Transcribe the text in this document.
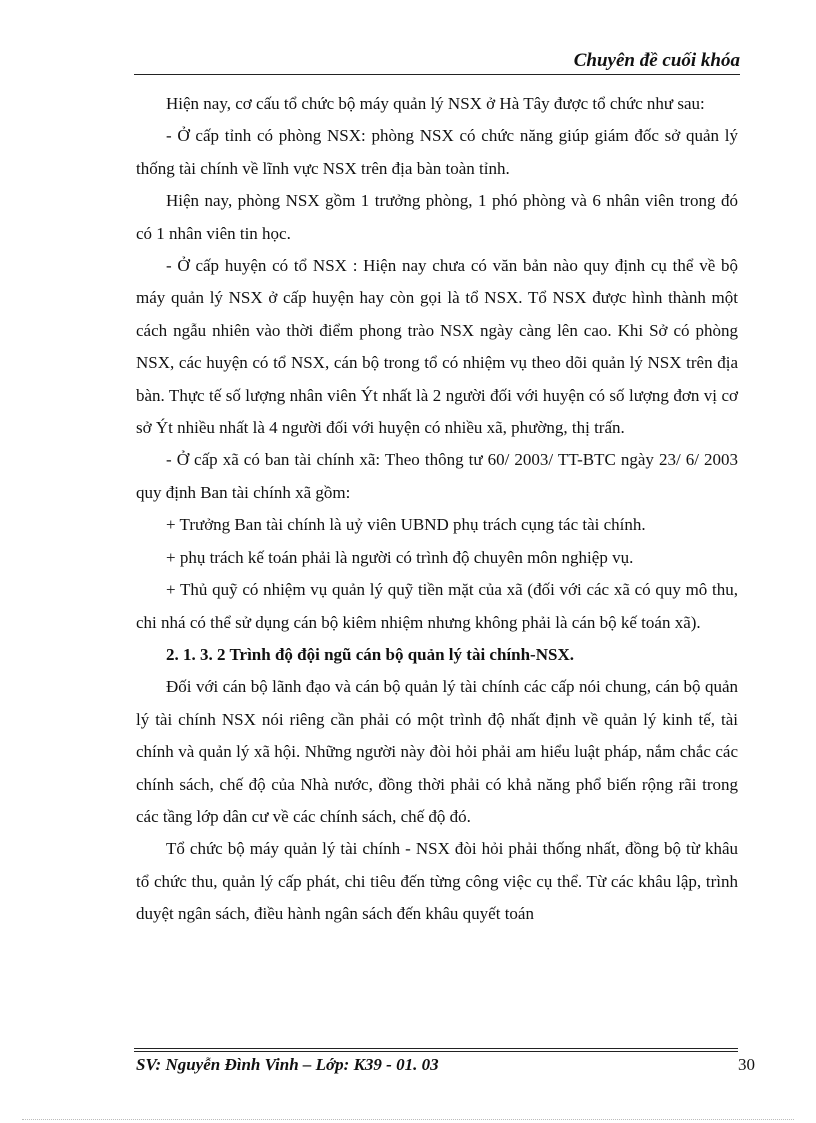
Chuyên đề cuối khóa

Hiện nay, cơ cấu tổ chức bộ máy quản lý NSX ở Hà Tây được tổ chức như sau:

- Ở cấp tỉnh có phòng NSX: phòng NSX có chức năng giúp giám đốc sở quản lý thống tài chính về lĩnh vực NSX trên địa bàn toàn tỉnh.

Hiện nay, phòng NSX gồm 1 trưởng phòng, 1 phó phòng và 6 nhân viên trong đó có 1 nhân viên tin học.

- Ở cấp huyện có tổ NSX : Hiện nay chưa có văn bản nào quy định cụ thể về bộ máy quản lý NSX ở cấp huyện hay còn gọi là tổ NSX. Tổ NSX được hình thành một cách ngẫu nhiên vào thời điểm phong trào NSX ngày càng lên cao. Khi Sở có phòng NSX, các huyện có tổ NSX, cán bộ trong tổ có nhiệm vụ theo dõi quản lý NSX trên địa bàn. Thực tế số lượng nhân viên Ýt nhất là 2 người đối với huyện có số lượng đơn vị cơ sở Ýt nhiều nhất là 4 người đối với huyện có nhiều xã, phường, thị trấn.

- Ở cấp xã có ban tài chính xã: Theo thông tư 60/ 2003/ TT-BTC ngày 23/ 6/ 2003 quy định Ban tài chính xã gồm:

+ Trưởng Ban tài chính là uỷ viên UBND phụ trách cụng tác tài chính.

+ phụ trách kế toán phải là người có trình độ chuyên môn nghiệp vụ.

+ Thủ quỹ có nhiệm vụ quản lý quỹ tiền mặt của xã (đối với các xã có quy mô thu, chi nhá có thể sử dụng cán bộ kiêm nhiệm nhưng không phải là cán bộ kế toán xã).

2. 1. 3. 2 Trình độ đội ngũ cán bộ quản lý tài chính-NSX.

Đối với cán bộ lãnh đạo và cán bộ quản lý tài chính các cấp nói chung, cán bộ quản lý tài chính NSX nói riêng cần phải có một trình độ nhất định về quản lý kinh tế, tài chính và quản lý xã hội. Những người này đòi hỏi phải am hiểu luật pháp, nắm chắc các chính sách, chế độ của Nhà nước, đồng thời phải có khả năng phổ biến rộng rãi trong các tầng lớp dân cư về các chính sách, chế độ đó.

Tổ chức bộ máy quản lý tài chính - NSX đòi hỏi phải thống nhất, đồng bộ từ khâu tổ chức thu, quản lý cấp phát, chi tiêu đến từng công việc cụ thể. Từ các khâu lập, trình duyệt ngân sách, điều hành ngân sách đến khâu quyết toán

SV: Nguyễn Đình Vinh – Lớp: K39 - 01. 03	30
